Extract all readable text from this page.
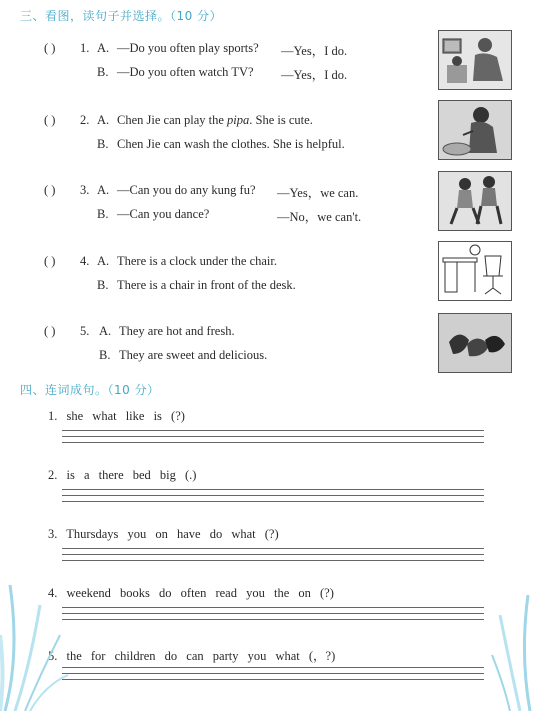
三、看图，读句子并选择。（10 分）
( ) 1. A. —Do you often play sports? —Yes，I do.
B. —Do you often watch TV? —Yes，I do.
( ) 2. A. Chen Jie can play the pipa. She is cute.
B. Chen Jie can wash the clothes. She is helpful.
( ) 3. A. —Can you do any kung fu? —Yes，we can.
B. —Can you dance?	—No，we can't.
( ) 4. A. There is a clock under the chair.
B. There is a chair in front of the desk.
( ) 5. A. They are hot and fresh.
B. They are sweet and delicious.
四、连词成句。（10 分）
1. she what like is (?)
2. is a there bed big (.)
3. Thursdays you on have do what (?)
4. weekend books do often read you the on (?)
5. the for children do can party you what (，?)
